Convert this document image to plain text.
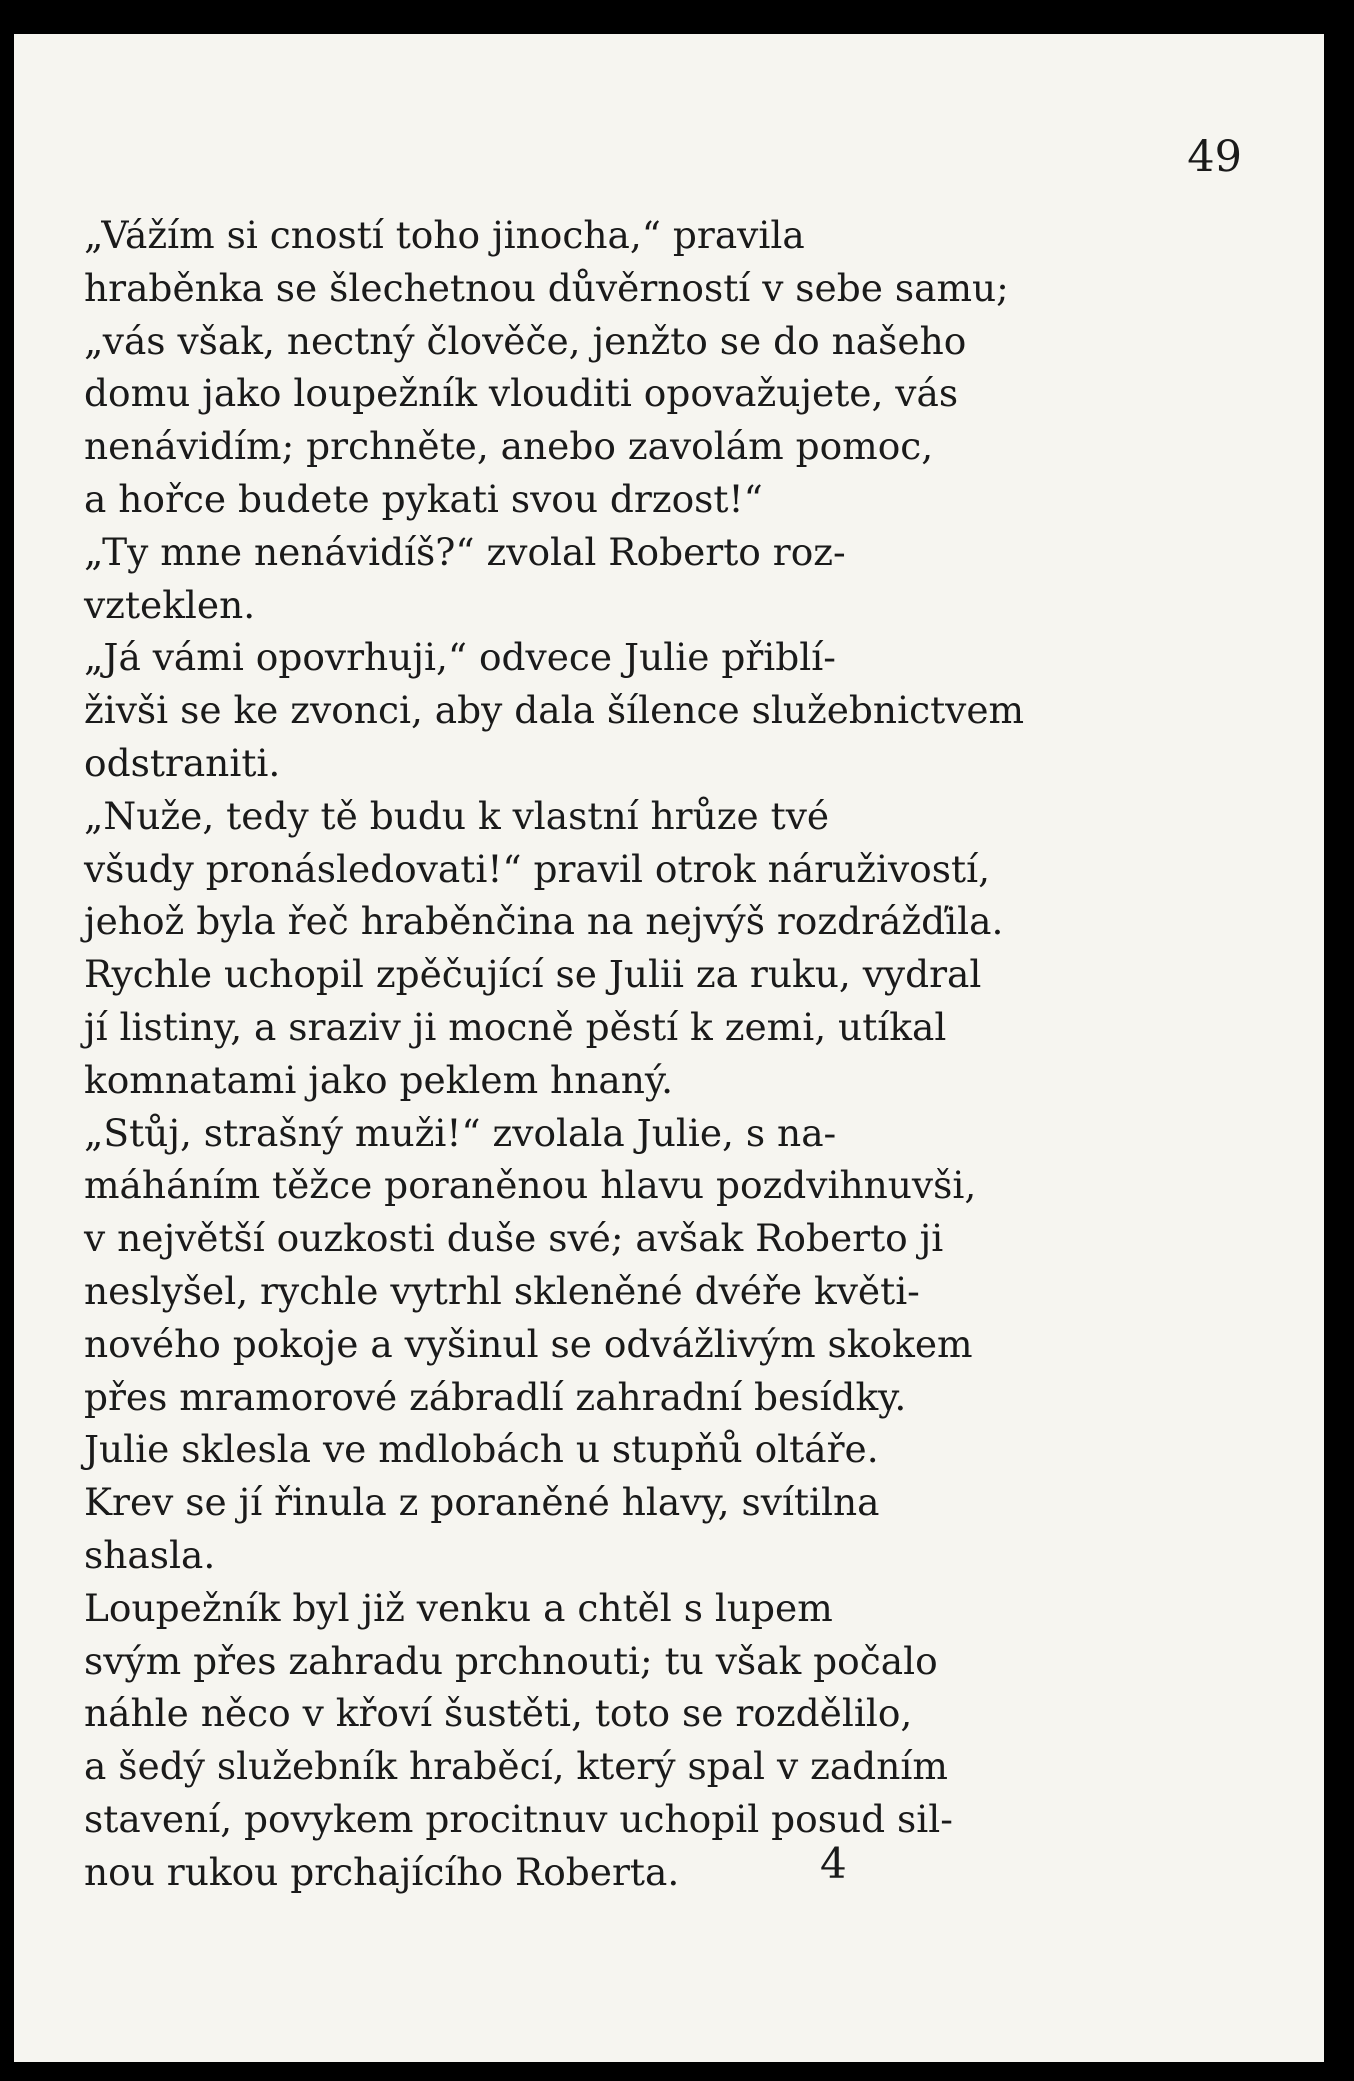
49

„Vážím si cností toho jinocha,“ pravila
hraběnka se šlechetnou důvěrností v sebe samu;
„vás však, nectný člověče, jenžto se do našeho
domu jako loupežník vlouditi opovažujete, vás
nenávidím; prchněte, anebo zavolám pomoc,
a hořce budete pykati svou drzost!“
„Ty mne nenávidíš?“ zvolal Roberto roz-
vzteklen.
„Já vámi opovrhuji,“ odvece Julie přiblí-
živši se ke zvonci, aby dala šílence služebnictvem
odstraniti.
„Nuže, tedy tě budu k vlastní hrůze tvé
všudy pronásledovati!“ pravil otrok náruživostí,
jehož byla řeč hraběnčina na nejvýš rozdrážďila.
Rychle uchopil zpěčující se Julii za ruku, vydral
jí listiny, a sraziv ji mocně pěstí k zemi, utíkal
komnatami jako peklem hnaný.
„Stůj, strašný muži!“ zvolala Julie, s na-
máháním těžce poraněnou hlavu pozdvihnuvši,
v největší ouzkosti duše své; avšak Roberto ji
neslyšel, rychle vytrhl skleněné dvéře květi-
nového pokoje a vyšinul se odvážlivým skokem
přes mramorové zábradlí zahradní besídky.
Julie sklesla ve mdlobách u stupňů oltáře.
Krev se jí řinula z poraněné hlavy, svítilna
shasla.
Loupežník byl již venku a chtěl s lupem
svým přes zahradu prchnouti; tu však počalo
náhle něco v křoví šustěti, toto se rozdělilo,
a šedý služebník hraběcí, který spal v zadním
stavení, povykem procitnuv uchopil posud sil-
nou rukou prchajícího Roberta.	4
